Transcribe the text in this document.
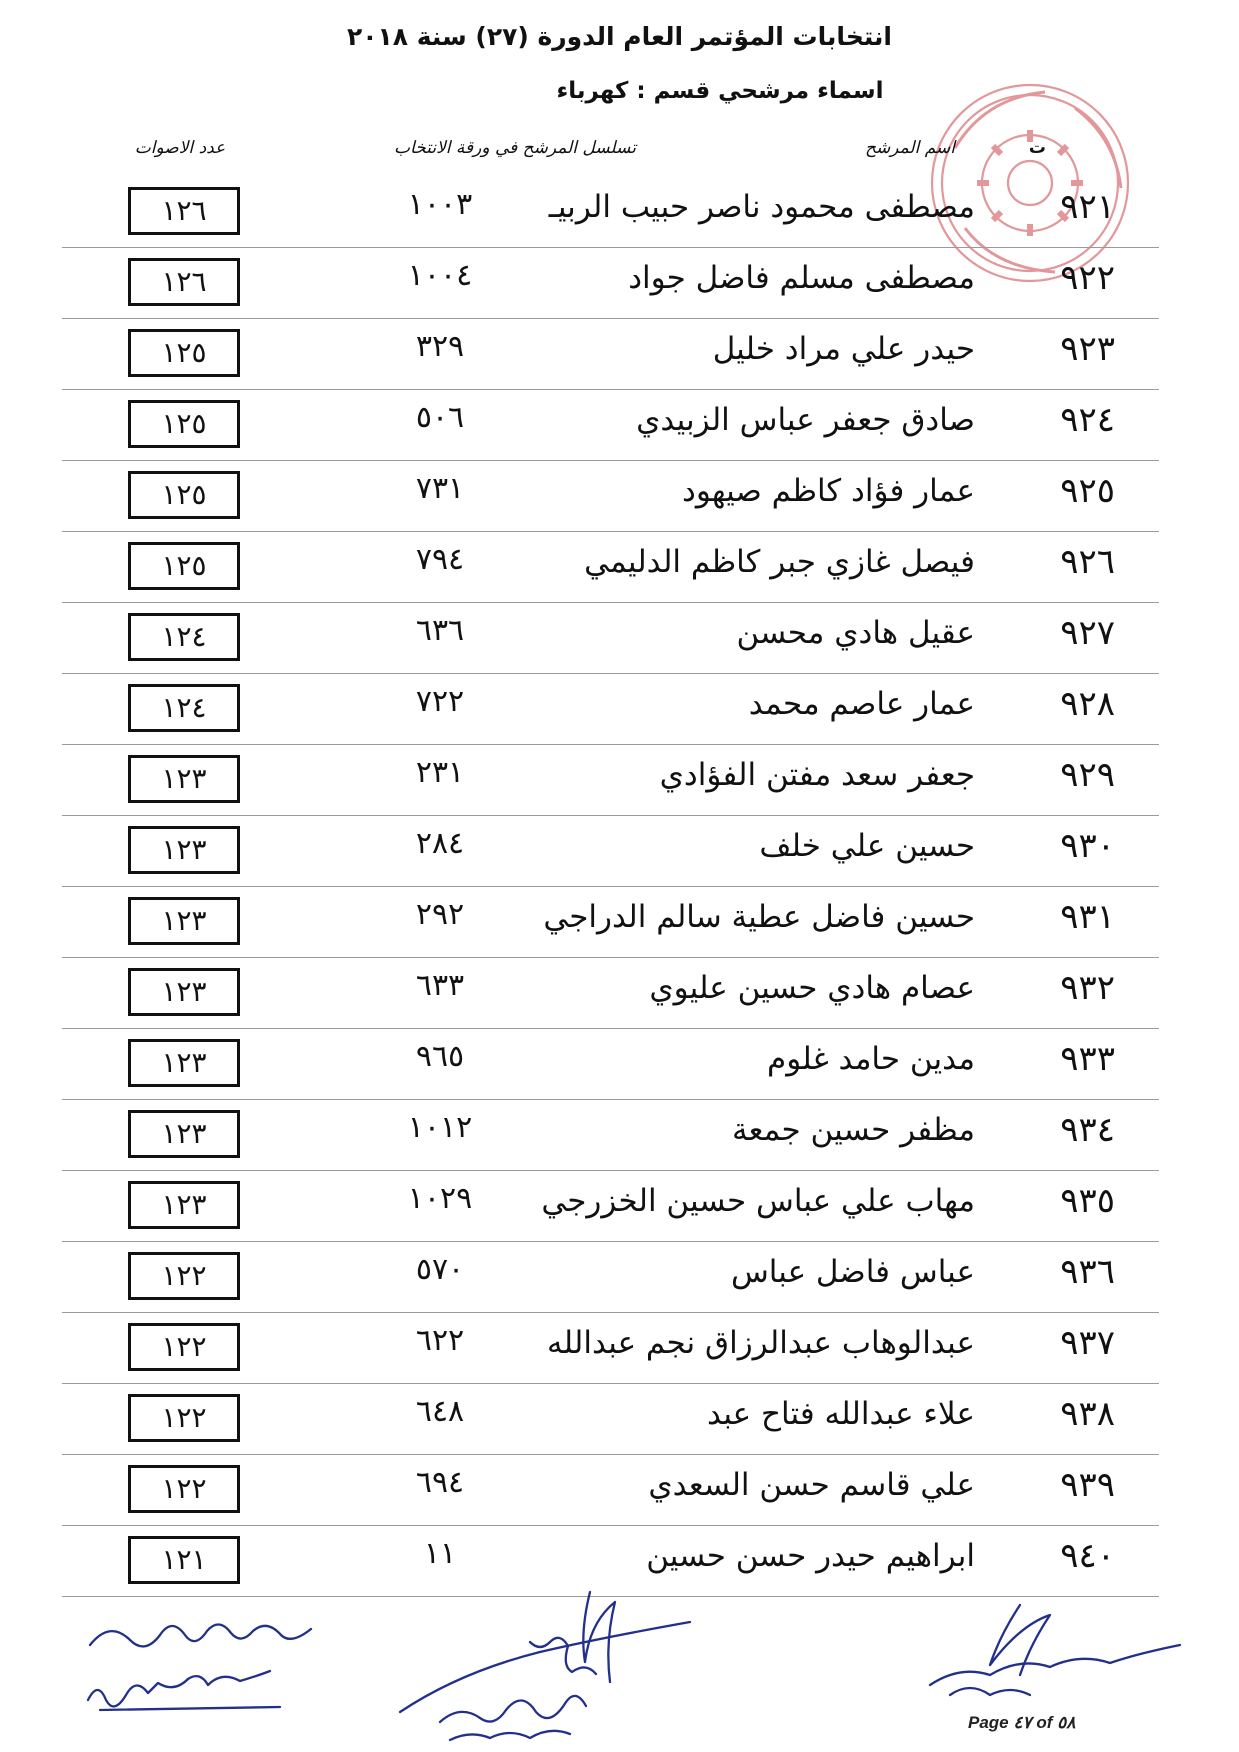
انتخابات المؤتمر العام الدورة (٢٧) سنة ٢٠١٨
اسماء مرشحي قسم : كهرباء
ت
اسم المرشح
تسلسل المرشح في ورقة الانتخاب
عدد الاصوات
٩٢١
مصطفى محمود ناصر حبيب الربيـ
١٠٠٣
١٢٦
٩٢٢
مصطفى مسلم فاضل جواد
١٠٠٤
١٢٦
٩٢٣
حيدر علي مراد خليل
٣٢٩
١٢٥
٩٢٤
صادق جعفر عباس الزبيدي
٥٠٦
١٢٥
٩٢٥
عمار فؤاد كاظم صيهود
٧٣١
١٢٥
٩٢٦
فيصل غازي جبر كاظم الدليمي
٧٩٤
١٢٥
٩٢٧
عقيل هادي محسن
٦٣٦
١٢٤
٩٢٨
عمار عاصم محمد
٧٢٢
١٢٤
٩٢٩
جعفر سعد مفتن الفؤادي
٢٣١
١٢٣
٩٣٠
حسين علي خلف
٢٨٤
١٢٣
٩٣١
حسين فاضل عطية سالم الدراجي
٢٩٢
١٢٣
٩٣٢
عصام هادي حسين عليوي
٦٣٣
١٢٣
٩٣٣
مدين حامد غلوم
٩٦٥
١٢٣
٩٣٤
مظفر حسين جمعة
١٠١٢
١٢٣
٩٣٥
مهاب علي عباس حسين الخزرجي
١٠٢٩
١٢٣
٩٣٦
عباس فاضل عباس
٥٧٠
١٢٢
٩٣٧
عبدالوهاب عبدالرزاق نجم عبدالله
٦٢٢
١٢٢
٩٣٨
علاء عبدالله فتاح عبد
٦٤٨
١٢٢
٩٣٩
علي قاسم حسن السعدي
٦٩٤
١٢٢
٩٤٠
ابراهيم حيدر حسن حسين
١١
١٢١
Page ٤٧ of ٥٨
